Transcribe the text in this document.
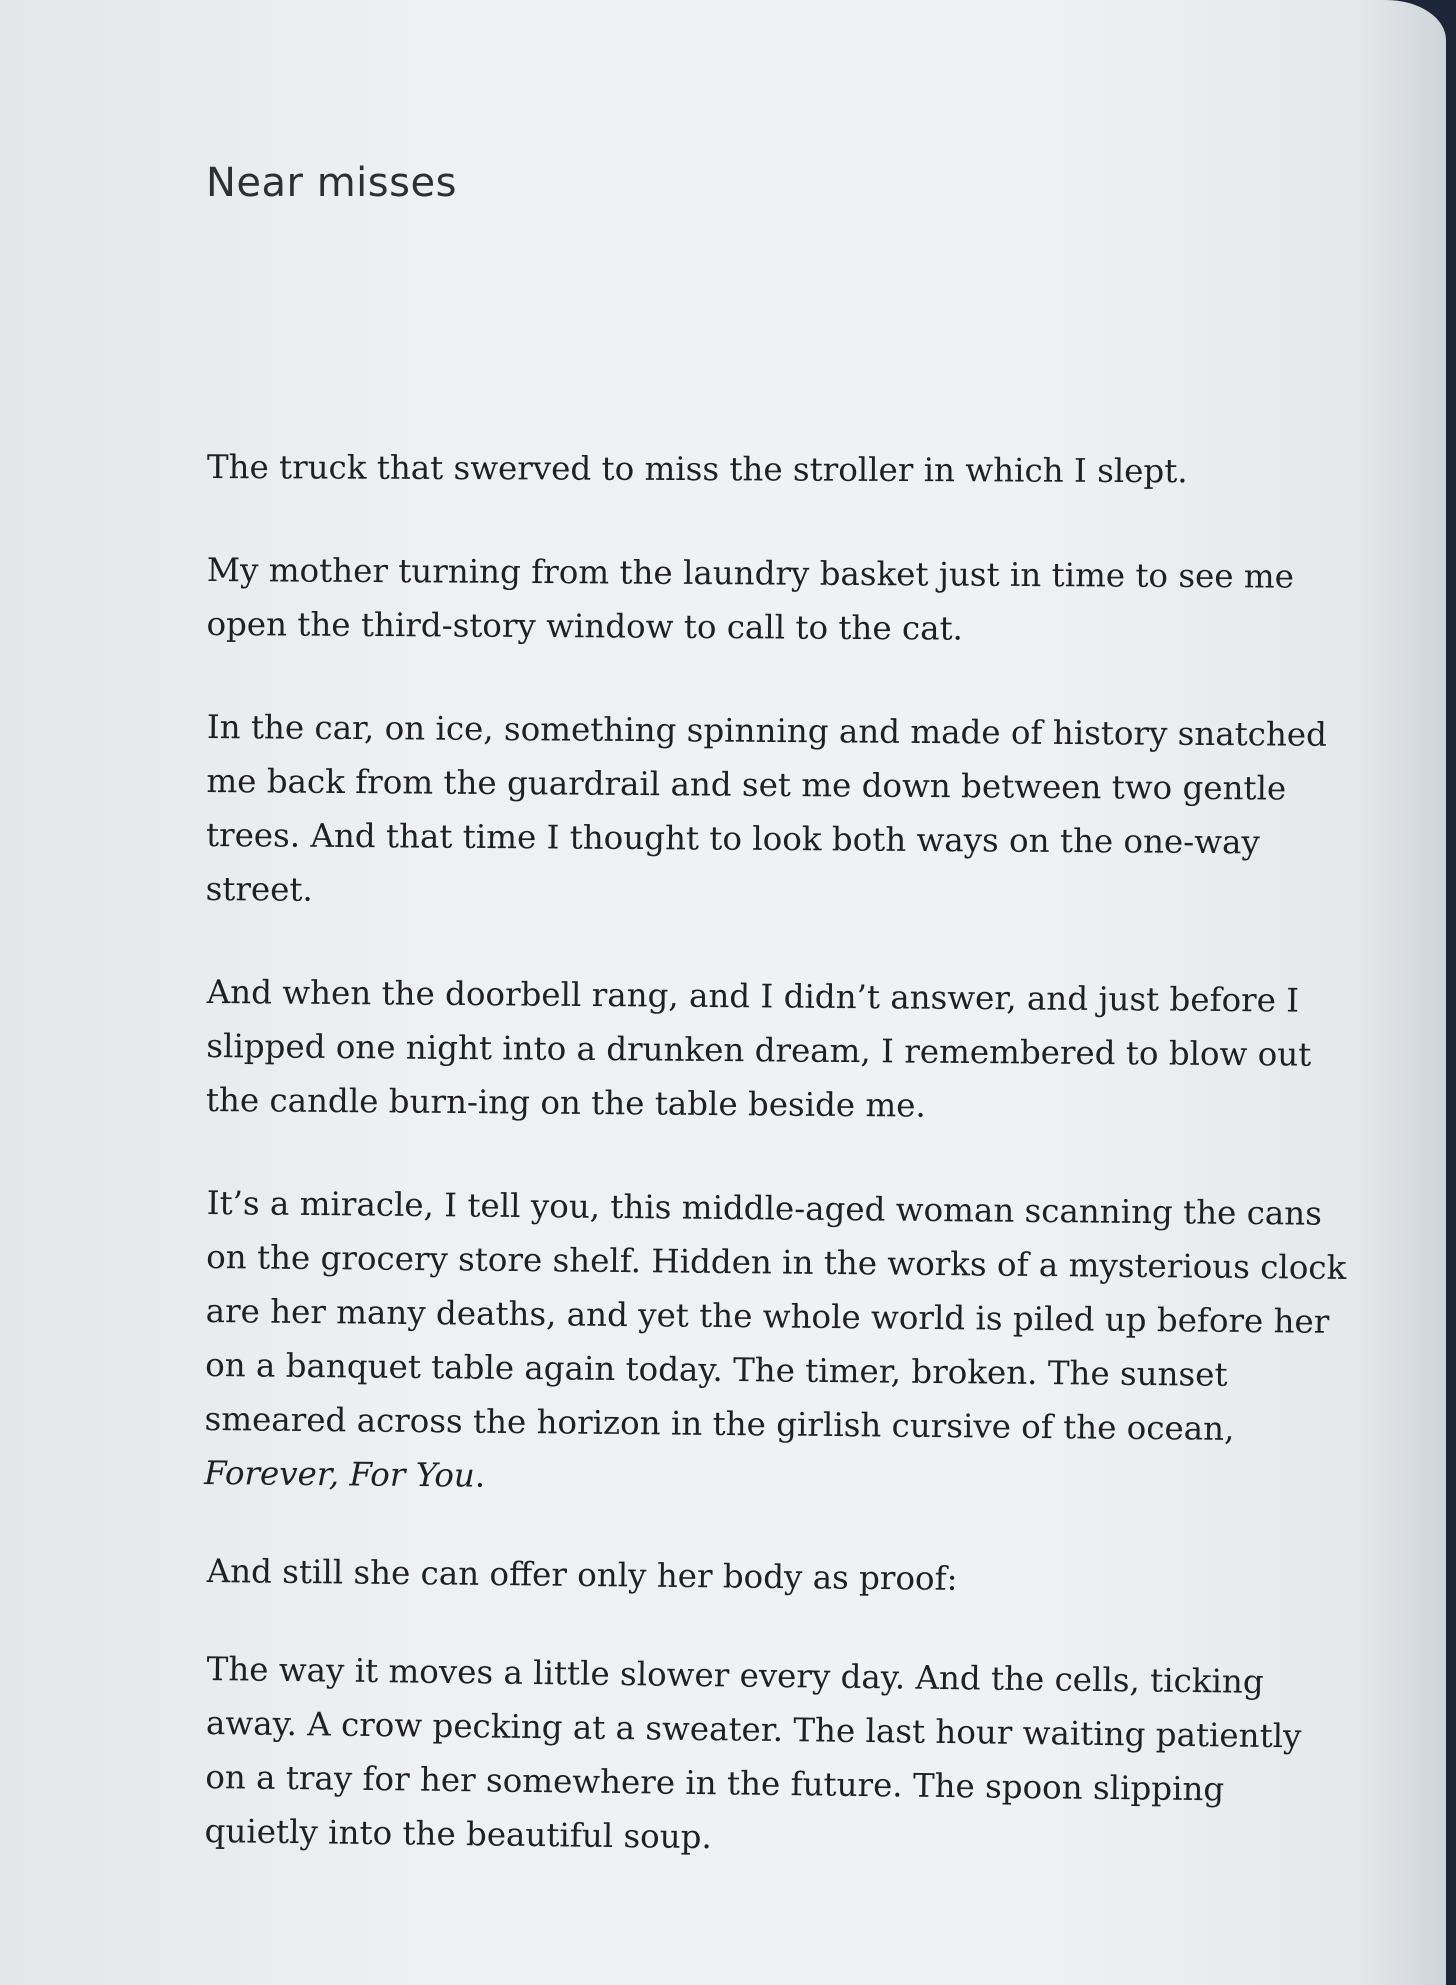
Near misses

The truck that swerved to miss the stroller in which I slept.

My mother turning from the laundry basket just in time to see me open the third-story window to call to the cat.

In the car, on ice, something spinning and made of history snatched me back from the guardrail and set me down between two gentle trees. And that time I thought to look both ways on the one-way street.

And when the doorbell rang, and I didn’t answer, and just before I slipped one night into a drunken dream, I remembered to blow out the candle burn-ing on the table beside me.

It’s a miracle, I tell you, this middle-aged woman scanning the cans on the grocery store shelf. Hidden in the works of a mysterious clock are her many deaths, and yet the whole world is piled up before her on a banquet table again today. The timer, broken. The sunset smeared across the horizon in the girlish cursive of the ocean, Forever, For You.

And still she can offer only her body as proof:

The way it moves a little slower every day. And the cells, ticking away. A crow pecking at a sweater. The last hour waiting patiently on a tray for her somewhere in the future. The spoon slipping quietly into the beautiful soup.
